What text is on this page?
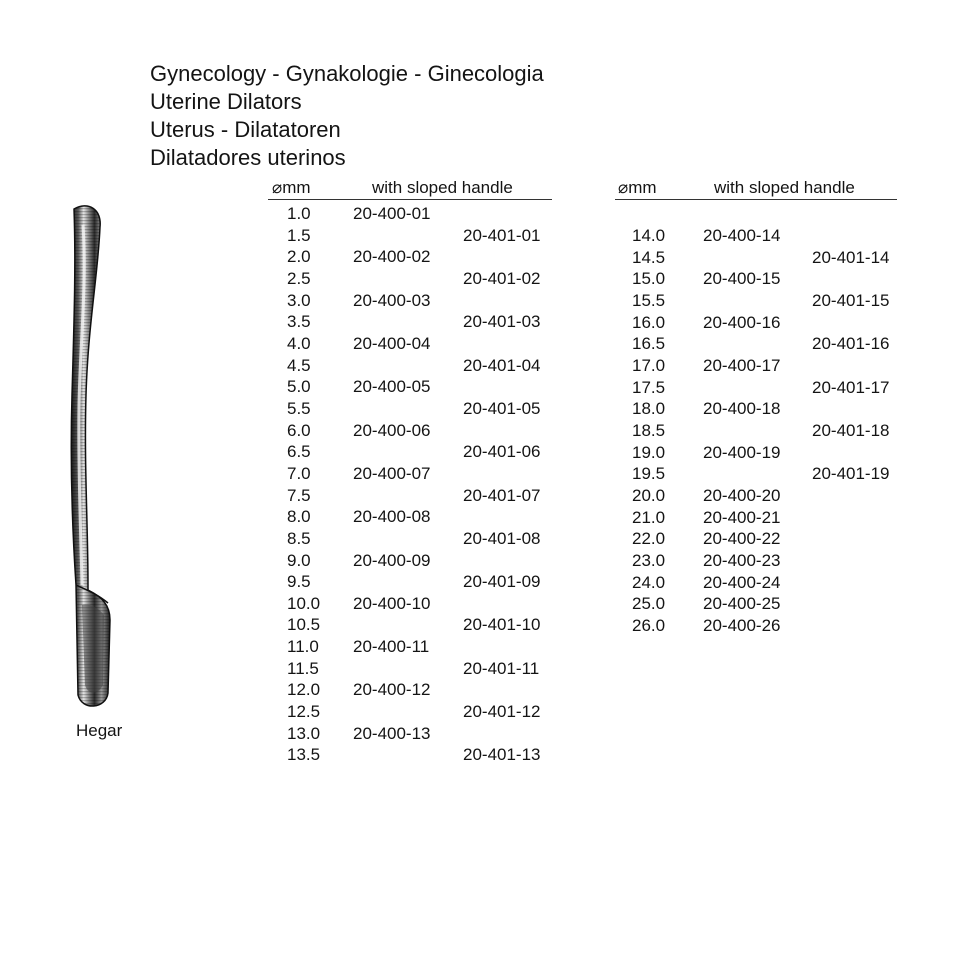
Gynecology - Gynakologie - Ginecologia
Uterine Dilators
Uterus - Dilatatoren
Dilatadores uterinos
⌀mm	with sloped handle	⌀mm	with sloped handle
1.0 20-400-01
1.5	20-401-01
2.0 20-400-02
2.5	20-401-02
3.0 20-400-03
3.5	20-401-03
4.0 20-400-04
4.5	20-401-04
5.0 20-400-05
5.5	20-401-05
6.0 20-400-06
6.5	20-401-06
7.0 20-400-07
7.5	20-401-07
8.0 20-400-08
8.5	20-401-08
9.0 20-400-09
9.5	20-401-09
10.0 20-400-10
10.5	20-401-10
11.0 20-400-11
11.5	20-401-11
12.0 20-400-12
12.5	20-401-12
13.0 20-400-13
13.5	20-401-13
14.0 20-400-14
14.5	20-401-14
15.0 20-400-15
15.5	20-401-15
16.0 20-400-16
16.5	20-401-16
17.0 20-400-17
17.5	20-401-17
18.0 20-400-18
18.5	20-401-18
19.0 20-400-19
19.5	20-401-19
20.0 20-400-20
21.0 20-400-21
22.0 20-400-22
23.0 20-400-23
24.0 20-400-24
25.0 20-400-25
26.0 20-400-26
Hegar
